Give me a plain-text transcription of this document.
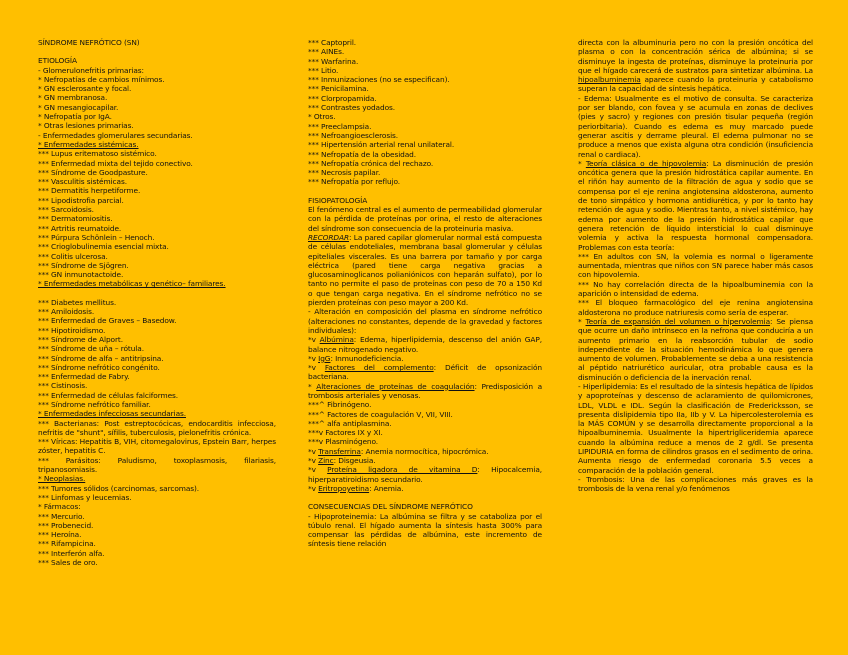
SÍNDROME NEFRÓTICO (SN)
ETIOLOGÍA
- Glomerulonefritis primarias:
* Nefropatías de cambios mínimos.
* GN esclerosante y focal.
* GN membranosa.
* GN mesangiocapilar.
* Nefropatía por IgA.
* Otras lesiones primarias.
- Enfermedades glomerulares secundarias.
* Enfermedades sistémicas.
*** Lupus eritematoso sistémico.
*** Enfermedad mixta del tejido conectivo.
*** Síndrome de Goodpasture.
*** Vasculitis sistémicas.
*** Dermatitis herpetiforme.
*** Lipodistrofia parcial.
*** Sarcoidosis.
*** Dermatomiositis.
*** Artritis reumatoide.
*** Púrpura Schönlein – Henoch.
*** Crioglobulinemia esencial mixta.
*** Colitis ulcerosa.
*** Síndrome de Sjögren.
*** GN inmunotactoide.
* Enfermedades metabólicas y genético– familiares.
*** Diabetes mellitus.
*** Amiloidosis.
*** Enfermedad de Graves – Basedow.
*** Hipotiroidismo.
*** Síndrome de Alport.
*** Síndrome de uña – rótula.
*** Síndrome de alfa – antitripsina.
*** Síndrome nefrótico congénito.
*** Enfermedad de Fabry.
*** Cistinosis.
*** Enfermedad de células falciformes.
*** Síndrome nefrótico familiar.
* Enfermedades infecciosas secundarias.

*** Bacterianas: Post estreptocócicas, endocarditis infecciosa, nefritis de "shunt", sífilis, tuberculosis, pielonefritis crónica.

*** Víricas: Hepatitis B, VIH, citomegalovirus, Epstein Barr, herpes zóster, hepatitis C.

*** Parásitos: Paludismo, toxoplasmosis, filariasis, tripanosomiasis.

* Neoplasias.
*** Tumores sólidos (carcinomas, sarcomas).
*** Linfomas y leucemias.
* Fármacos:
*** Mercurio.
*** Probenecid.
*** Heroína.
*** Rifampicina.
*** Interferón alfa.
*** Sales de oro.
*** Captopril.
*** AINEs.
*** Warfarina.
*** Litio.
*** Inmunizaciones (no se especifican).
*** Penicilamina.
*** Clorpropamida.
*** Contrastes yodados.
* Otros.
*** Preeclampsia.
*** Nefroangioesclerosis.
*** Hipertensión arterial renal unilateral.
*** Nefropatía de la obesidad.
*** Nefropatía crónica del rechazo.
*** Necrosis papilar.
*** Nefropatía por reflujo.
FISIOPATOLOGÍA

El fenómeno central es el aumento de permeabilidad glomerular con la pérdida de proteínas por orina, el resto de alteraciones del síndrome son consecuencia de la proteinuria masiva.

RECORDAR: La pared capilar glomerular normal está compuesta de células endoteliales, membrana basal glomerular y células epiteliales viscerales. Es una barrera por tamaño y por carga eléctrica (pared tiene carga negativa gracias a glucosaminoglicanos polianiónicos con heparán sulfato), por lo tanto no permite el paso de proteínas con peso de 70 a 150 Kd o que tengan carga negativa. En el síndrome nefrótico no se pierden proteínas con peso mayor a 200 Kd.

- Alteración en composición del plasma en síndrome nefrótico (alteraciones no constantes, depende de la gravedad y factores individuales):

*v Albúmina: Edema, hiperlipidemia, descenso del anión GAP, balance nitrogenado negativo.

*v IgG: Inmunodeficiencia.

*v Factores del complemento: Déficit de opsonización bacteriana.

* Alteraciones de proteínas de coagulación: Predisposición a trombosis arteriales y venosas.

***^ Fibrinógeno.
***^ Factores de coagulación V, VII, VIII.
***^ alfa antiplasmina.
***v Factores IX y XI.
***v Plasminógeno.

*v Transferrina: Anemia normocítica, hipocrómica.

*v Zinc: Disgeusia.

*v Proteína ligadora de vitamina D: Hipocalcemia, hiperparatiroidismo secundario.

*v Eritropoyetina: Anemia.

CONSECUENCIAS DEL SÍNDROME NEFRÓTICO

- Hipoproteinemia: La albúmina se filtra y se cataboliza por el túbulo renal. El hígado aumenta la síntesis hasta 300% para compensar las pérdidas de albúmina, este incremento de síntesis tiene relación

directa con la albuminuria pero no con la presión oncótica del plasma o con la concentración sérica de albúmina; si se disminuye la ingesta de proteínas, disminuye la proteinuria por que el hígado carecerá de sustratos para sintetizar albúmina. La hipoalbuminemia aparece cuando la proteinuria y catabolismo superan la capacidad de síntesis hepática.

- Edema: Usualmente es el motivo de consulta. Se caracteriza por ser blando, con fovea y se acumula en zonas de declives (pies y sacro) y regiones con presión tisular pequeña (región periorbitaria). Cuando es edema es muy marcado puede generar ascitis y derrame pleural. El edema pulmonar no se produce a menos que exista alguna otra condición (insuficiencia renal o cardiaca).

* Teoría clásica o de hipovolemia: La disminución de presión oncótica genera que la presión hidrostática capilar aumente. En el riñón hay aumento de la filtración de agua y sodio que se compensa por el eje renina angiotensina aldosterona, aumento de tono simpático y hormona antidiurética, y por lo tanto hay retención de agua y sodio. Mientras tanto, a nivel sistémico, hay edema por aumento de la presión hidrostática capilar que genera retención de líquido intersticial lo cual disminuye volemia y activa la respuesta hormonal compensadora. Problemas con esta teoría:

*** En adultos con SN, la volemia es normal o ligeramente aumentada, mientras que niños con SN parece haber más casos con hipovolemia.

*** No hay correlación directa de la hipoalbuminemia con la aparición o intensidad de edema.

*** El bloqueo farmacológico del eje renina angiotensina aldosterona no produce natriuresis como sería de esperar.

* Teoría de expansión del volumen o hipervolemia: Se piensa que ocurre un daño intrínseco en la nefrona que conduciría a un aumento primario en la reabsorción tubular de sodio independiente de la situación hemodinámica lo que genera aumento de volumen. Probablemente se deba a una resistencia al péptido natriurético auricular, otra probable causa es la disminución o deficiencia de la inervación renal.

- Hiperlipidemia: Es el resultado de la síntesis hepática de lípidos y apoproteínas y descenso de aclaramiento de quilomicrones, LDL, VLDL e IDL. Según la clasificación de Fredericksson, se presenta dislipidemia tipo IIa, IIb y V. La hipercolesterolemia es la MÁS COMÚN y se desarrolla directamente proporcional a la hipoalbuminemia. Usualmente la hipertrigliceridemia aparece cuando la albúmina reduce a menos de 2 g/dl. Se presenta LIPIDURIA en forma de cilindros grasos en el sedimento de orina. Aumenta riesgo de enfermedad coronaria 5.5 veces a comparación de la población general.

- Trombosis: Una de las complicaciones más graves es la trombosis de la vena renal y/o fenómenos
